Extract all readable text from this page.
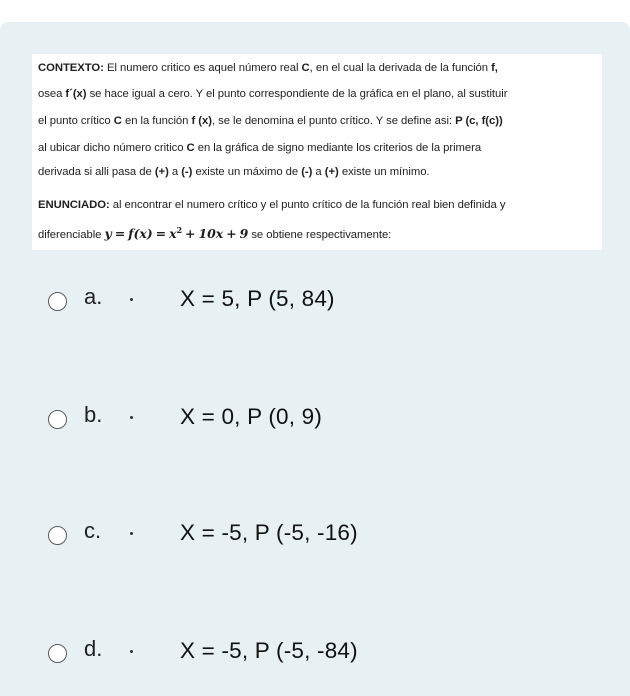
CONTEXTO: El numero critico es aquel número real C, en el cual la derivada de la función f,
osea f´(x) se hace igual a cero. Y el punto correspondiente de la gráfica en el plano, al sustituir
el punto crítico C en la función f (x), se le denomina el punto crítico. Y se define asi: P (c, f(c))
al ubicar dicho número critico C en la gráfica de signo mediante los criterios de la primera
derivada si alli pasa de (+) a (-) existe un máximo de (-) a (+) existe un mínimo.
ENUNCIADO: al encontrar el numero crítico y el punto crítico de la función real bien definida y
diferenciable $y = f(x) = x^2 + 10x + 9$ se obtiene respectivamente:
a.	X = 5, P (5, 84)
b.	X = 0, P (0, 9)
c.	X = -5, P (-5, -16)
d.	X = -5, P (-5, -84)
